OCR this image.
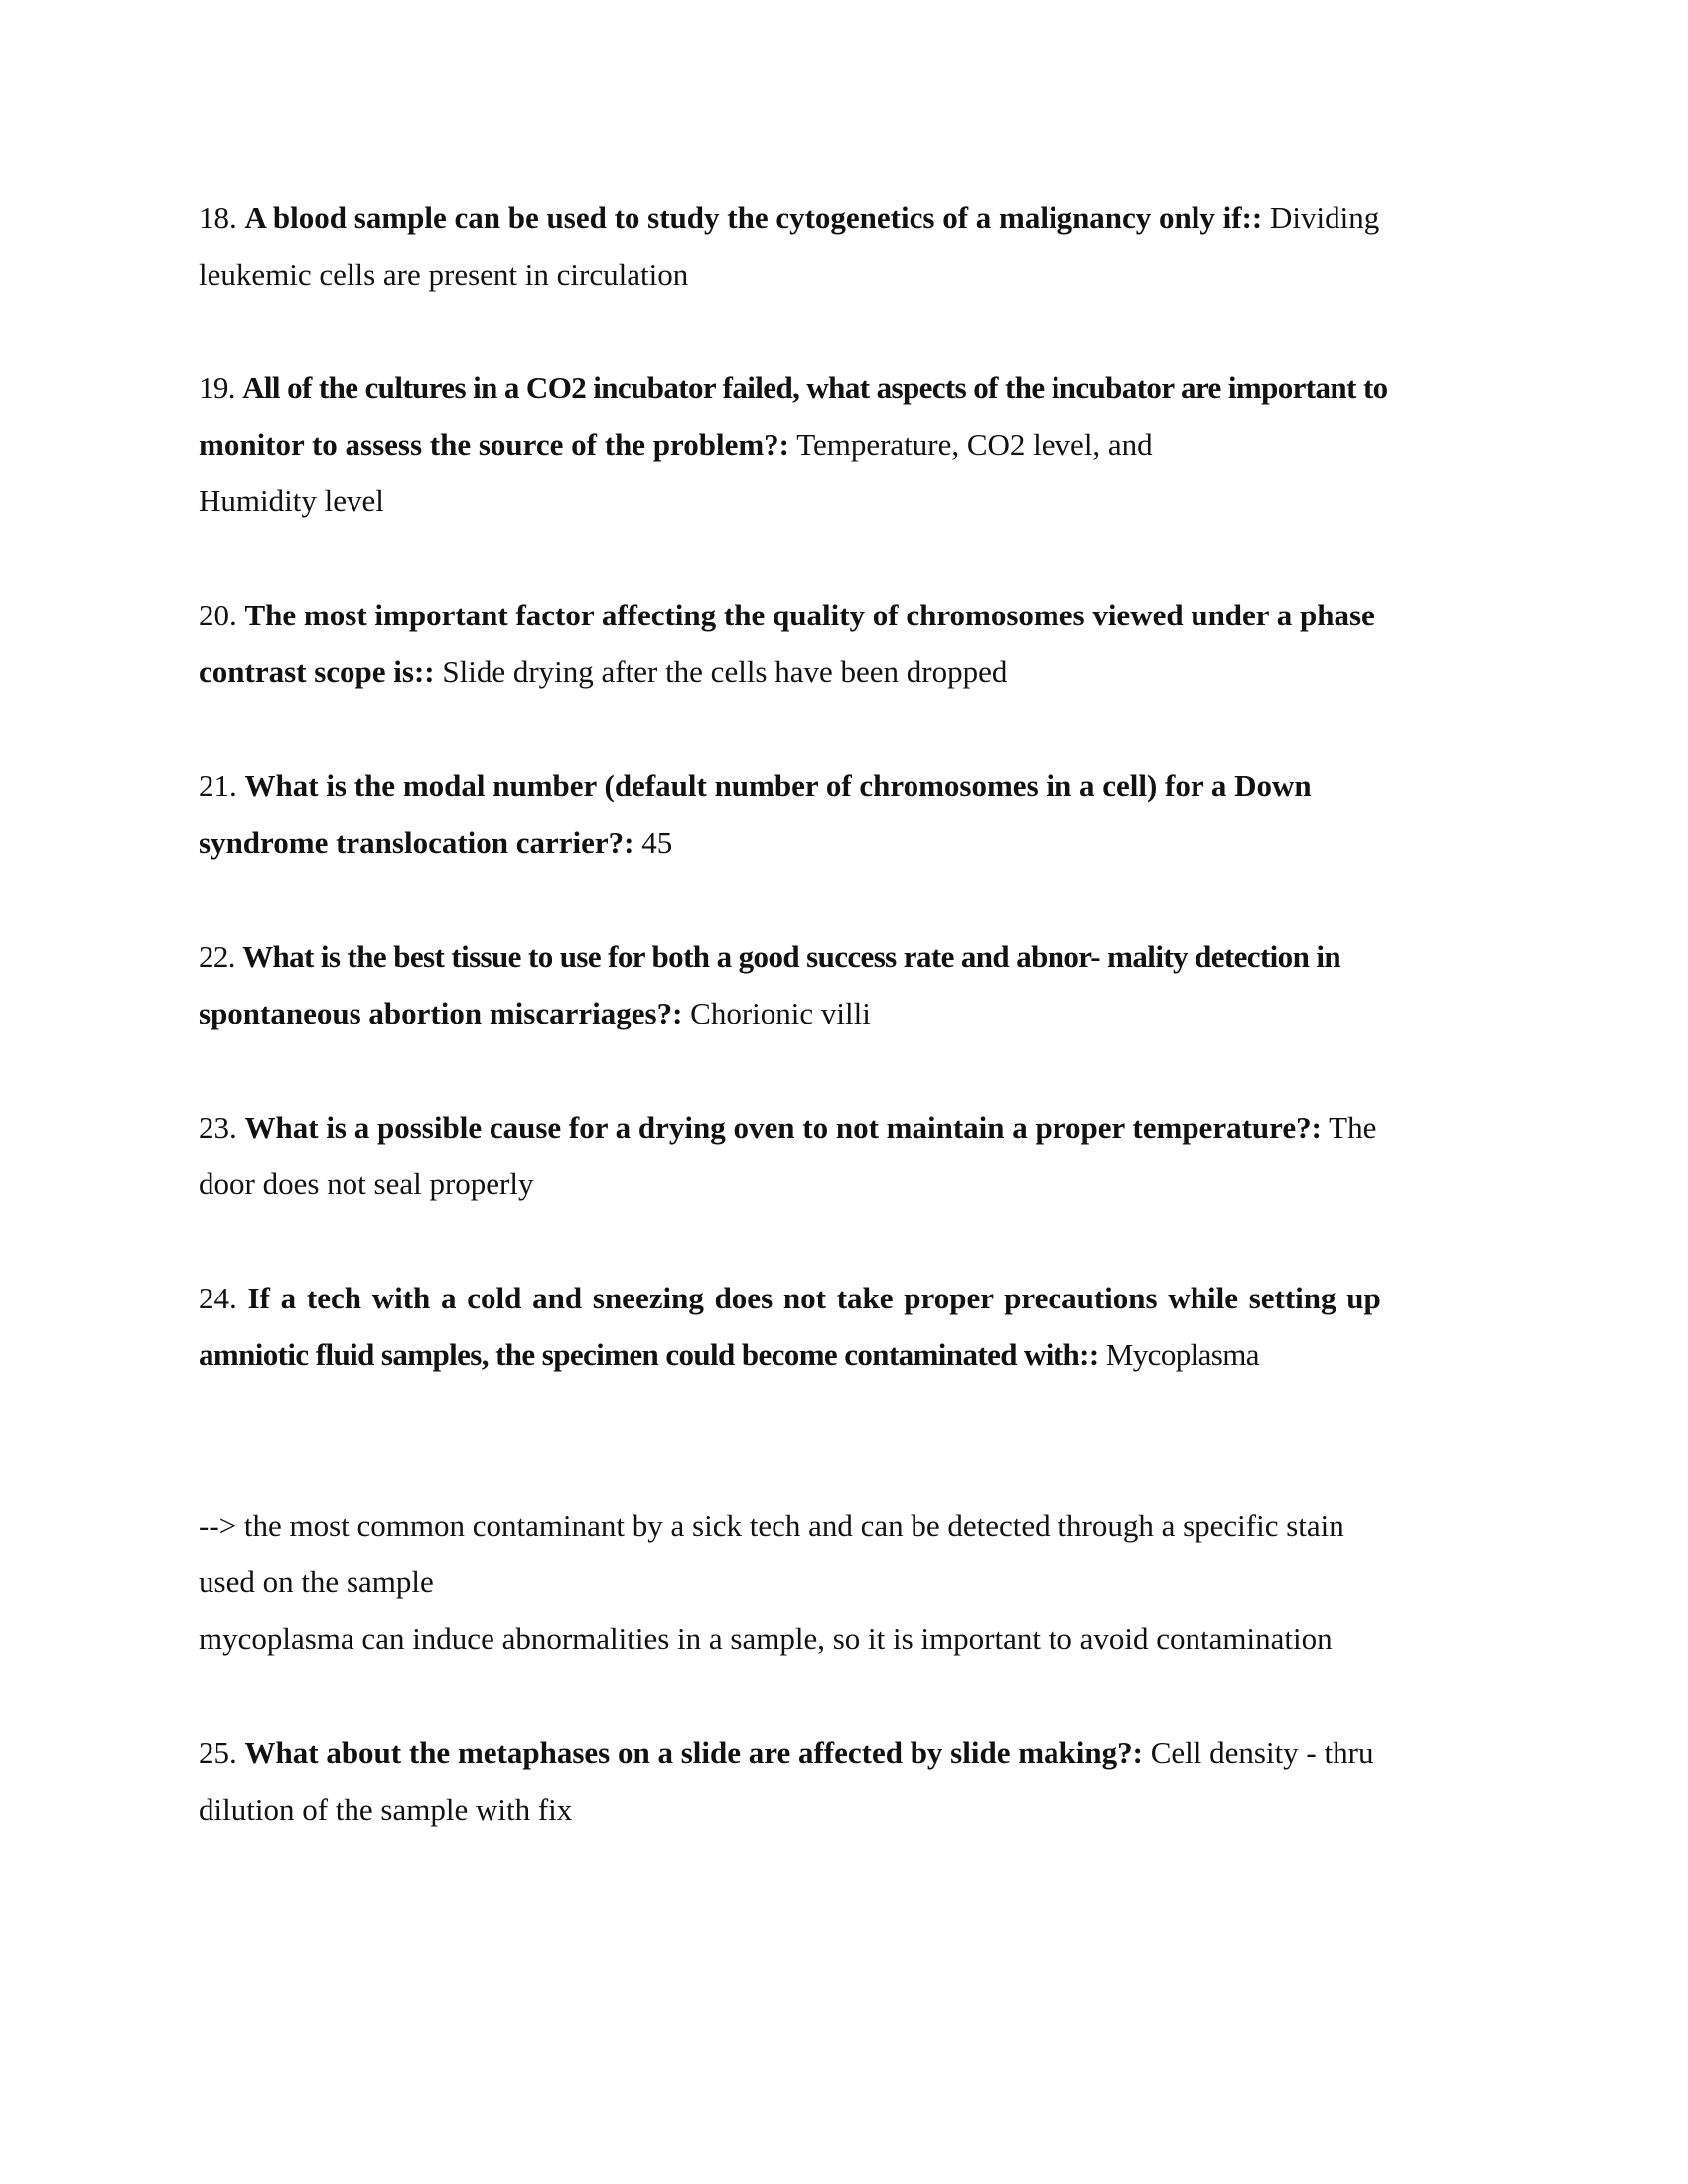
18. A blood sample can be used to study the cytogenetics of a malignancy only if:: Dividing
leukemic cells are present in circulation

19. All of the cultures in a CO2 incubator failed, what aspects of the incubator are important to
monitor to assess the source of the problem?: Temperature, CO2 level, and
Humidity level

20. The most important factor affecting the quality of chromosomes viewed under a phase
contrast scope is:: Slide drying after the cells have been dropped

21. What is the modal number (default number of chromosomes in a cell) for a Down
syndrome translocation carrier?: 45

22. What is the best tissue to use for both a good success rate and abnor- mality detection in
spontaneous abortion miscarriages?: Chorionic villi

23. What is a possible cause for a drying oven to not maintain a proper temperature?: The
door does not seal properly

24. If a tech with a cold and sneezing does not take proper precautions while setting up
amniotic fluid samples, the specimen could become contaminated with:: Mycoplasma

--> the most common contaminant by a sick tech and can be detected through a specific stain
used on the sample
mycoplasma can induce abnormalities in a sample, so it is important to avoid contamination

25. What about the metaphases on a slide are affected by slide making?: Cell density - thru
dilution of the sample with fix
